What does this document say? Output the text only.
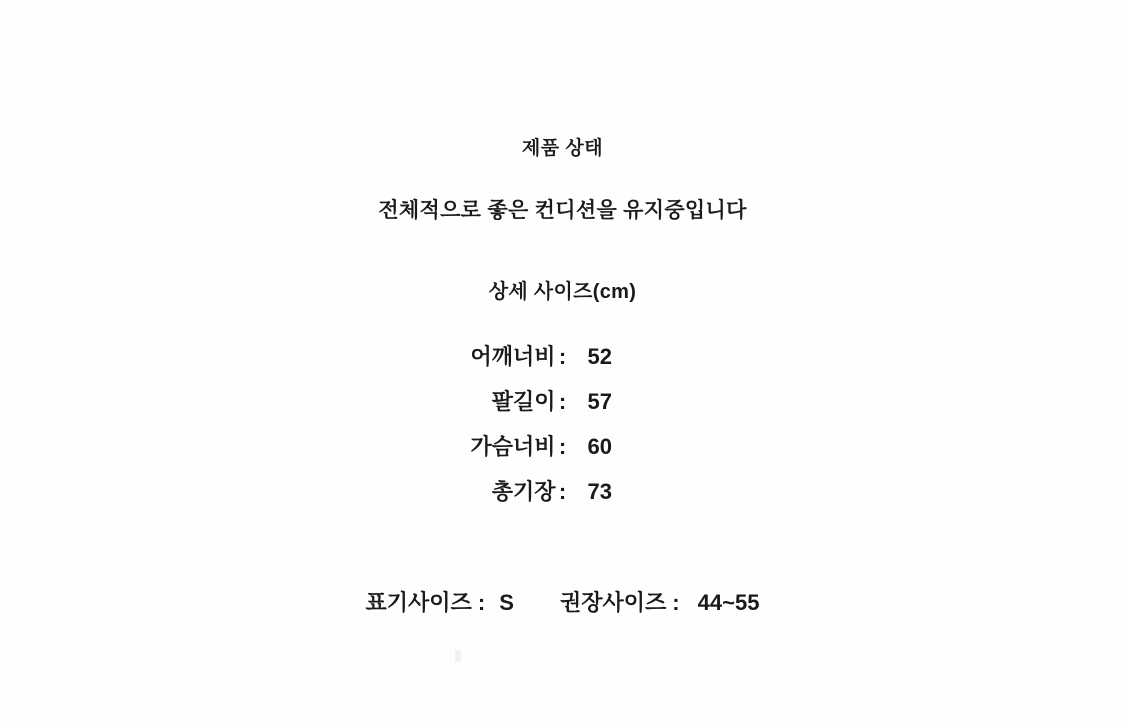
제품 상태
전체적으로 좋은 컨디션을 유지중입니다
상세 사이즈(cm)
어깨너비 : 52
팔길이 : 57
가슴너비 : 60
총기장 : 73
표기사이즈 : S 권장사이즈 : 44~55
